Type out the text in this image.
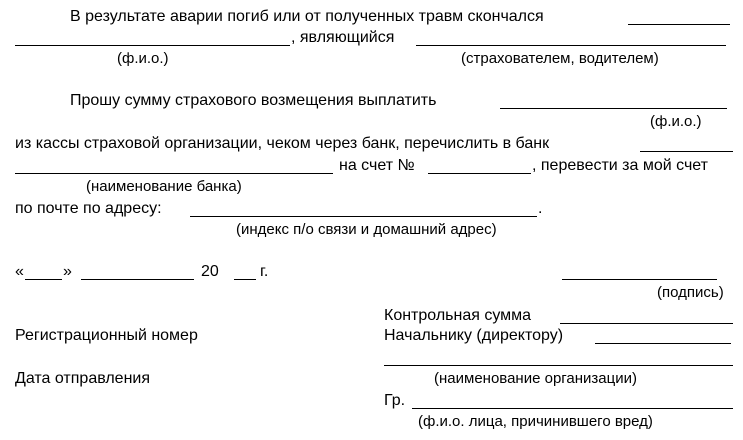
В результате аварии погиб или от полученных травм скончался
, являющийся
(ф.и.о.)	(страхователем, водителем)
Прошу сумму страхового возмещения выплатить
(ф.и.о.)
из кассы страховой организации, чеком через банк, перечислить в банк
на счет №	, перевести за мой счет
(наименование банка)
по почте по адресу:	.
(индекс п/о связи и домашний адрес)
« »	20	г.
(подпись)
Контрольная сумма
Регистрационный номер	Начальнику (директору)
Дата отправления	(наименование организации)
Гр.
(ф.и.о. лица, причинившего вред)
